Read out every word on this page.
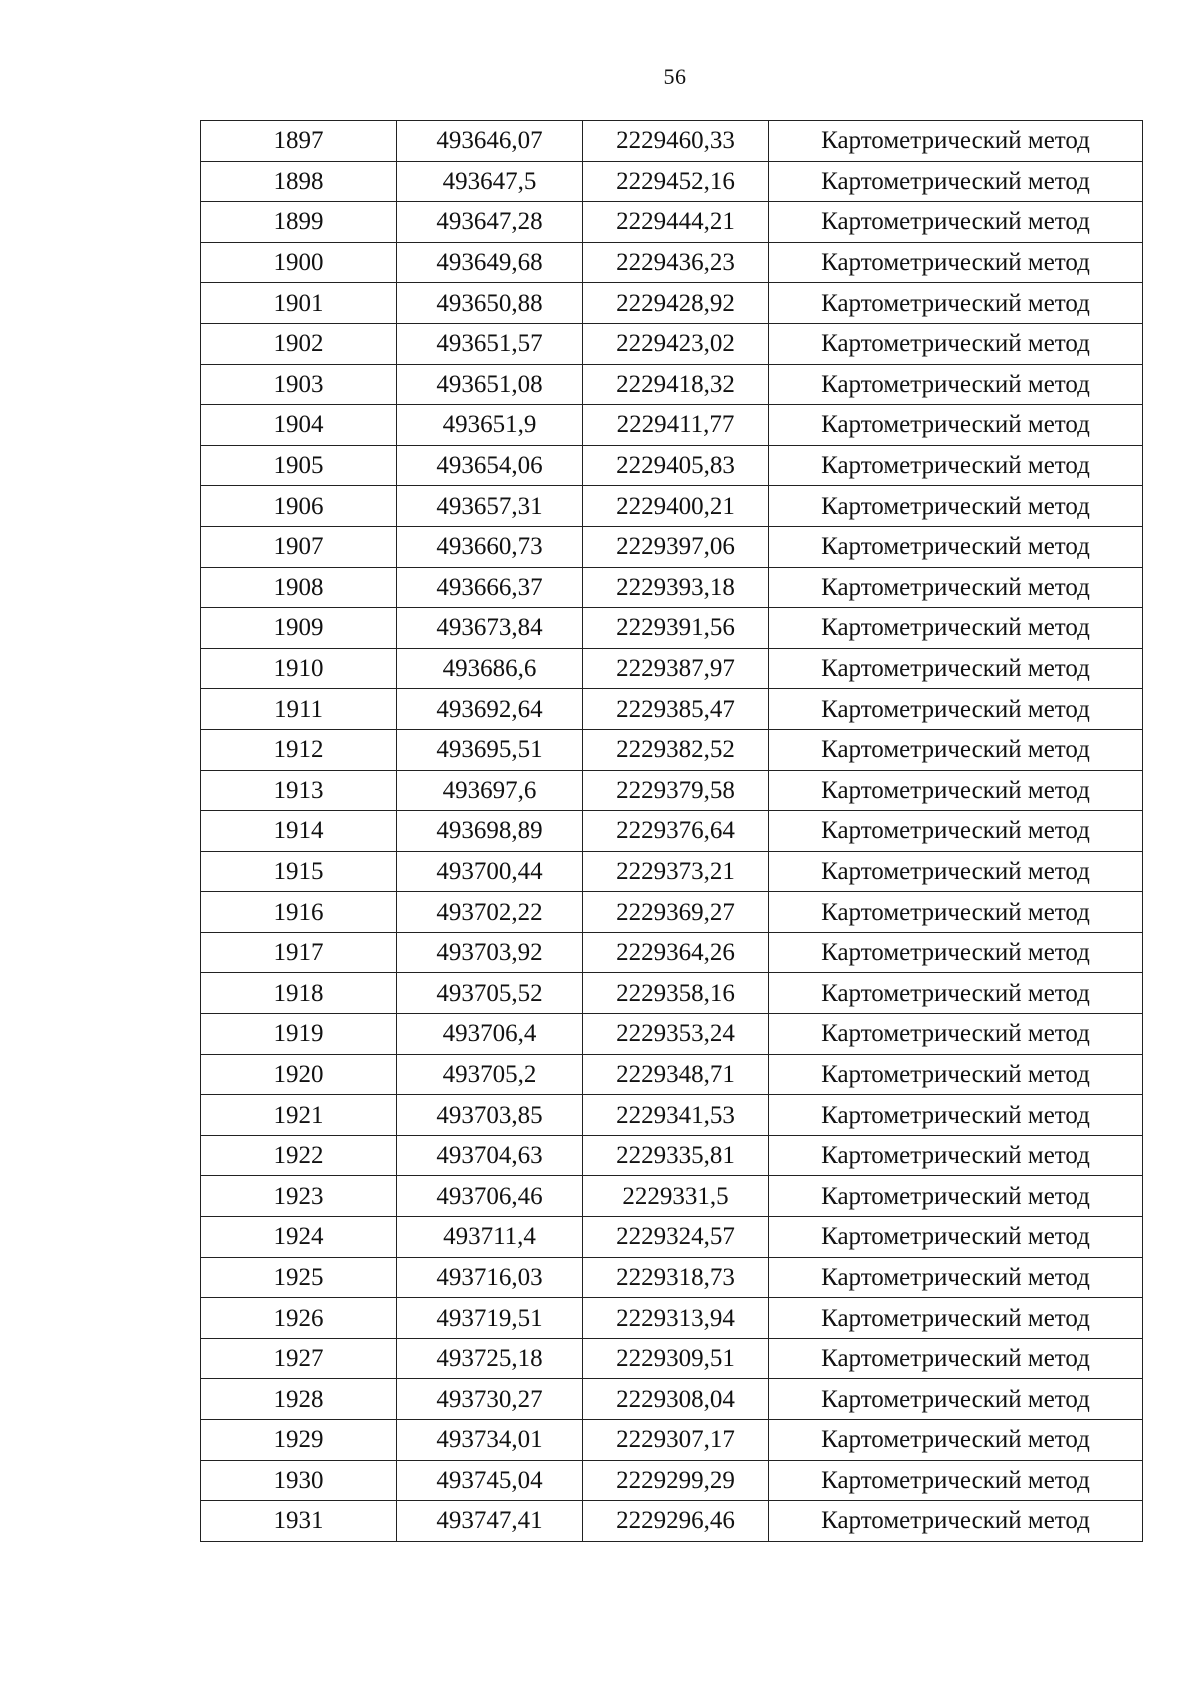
56
1897	493646,07	2229460,33	Картометрический метод
1898	493647,5	2229452,16	Картометрический метод
1899	493647,28	2229444,21	Картометрический метод
1900	493649,68	2229436,23	Картометрический метод
1901	493650,88	2229428,92	Картометрический метод
1902	493651,57	2229423,02	Картометрический метод
1903	493651,08	2229418,32	Картометрический метод
1904	493651,9	2229411,77	Картометрический метод
1905	493654,06	2229405,83	Картометрический метод
1906	493657,31	2229400,21	Картометрический метод
1907	493660,73	2229397,06	Картометрический метод
1908	493666,37	2229393,18	Картометрический метод
1909	493673,84	2229391,56	Картометрический метод
1910	493686,6	2229387,97	Картометрический метод
1911	493692,64	2229385,47	Картометрический метод
1912	493695,51	2229382,52	Картометрический метод
1913	493697,6	2229379,58	Картометрический метод
1914	493698,89	2229376,64	Картометрический метод
1915	493700,44	2229373,21	Картометрический метод
1916	493702,22	2229369,27	Картометрический метод
1917	493703,92	2229364,26	Картометрический метод
1918	493705,52	2229358,16	Картометрический метод
1919	493706,4	2229353,24	Картометрический метод
1920	493705,2	2229348,71	Картометрический метод
1921	493703,85	2229341,53	Картометрический метод
1922	493704,63	2229335,81	Картометрический метод
1923	493706,46	2229331,5	Картометрический метод
1924	493711,4	2229324,57	Картометрический метод
1925	493716,03	2229318,73	Картометрический метод
1926	493719,51	2229313,94	Картометрический метод
1927	493725,18	2229309,51	Картометрический метод
1928	493730,27	2229308,04	Картометрический метод
1929	493734,01	2229307,17	Картометрический метод
1930	493745,04	2229299,29	Картометрический метод
1931	493747,41	2229296,46	Картометрический метод
